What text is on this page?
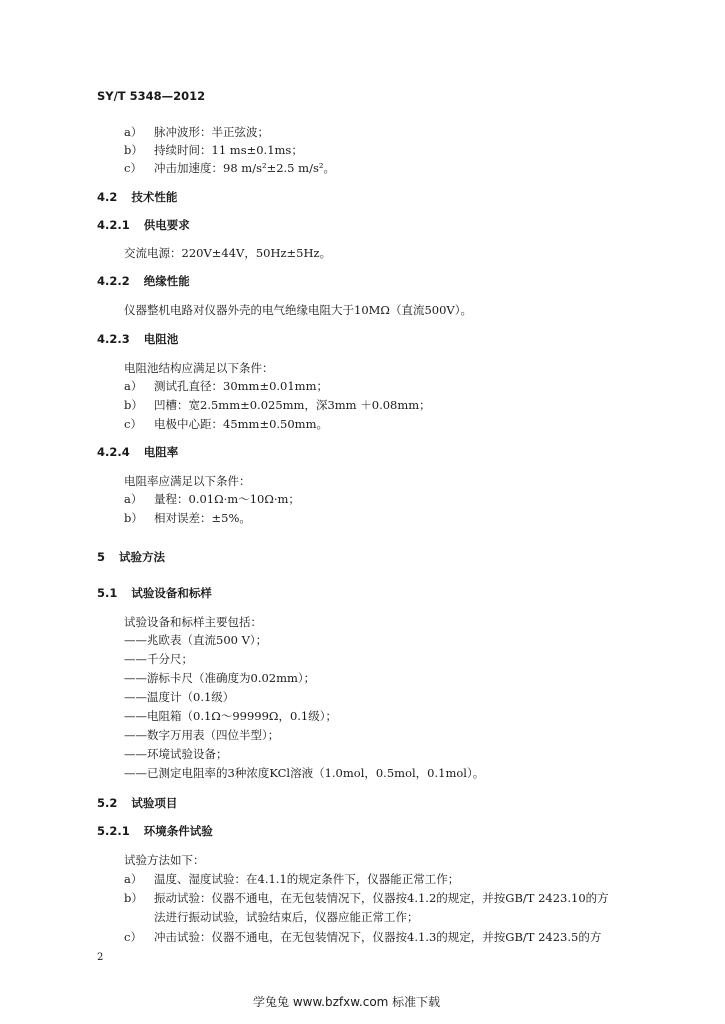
SY/T 5348—2012
a） 脉冲波形：半正弦波；
b） 持续时间：11 ms±0.1ms；
c） 冲击加速度：98 m/s²±2.5 m/s²。
4.2 技术性能
4.2.1 供电要求
交流电源：220V±44V，50Hz±5Hz。
4.2.2 绝缘性能
仪器整机电路对仪器外壳的电气绝缘电阻大于10MΩ（直流500V）。
4.2.3 电阻池
电阻池结构应满足以下条件：
a） 测试孔直径：30mm±0.01mm；
b） 凹槽：宽2.5mm±0.025mm，深3mm ＋0.08mm；
c） 电极中心距：45mm±0.50mm。
4.2.4 电阻率
电阻率应满足以下条件：
a） 量程：0.01Ω·m～10Ω·m；
b） 相对误差：±5%。
5 试验方法
5.1 试验设备和标样
试验设备和标样主要包括：
——兆欧表（直流500 V）；
——千分尺；
——游标卡尺（准确度为0.02mm）；
——温度计（0.1级）
——电阻箱（0.1Ω～99999Ω，0.1级）；
——数字万用表（四位半型）；
——环境试验设备；
——已测定电阻率的3种浓度KCl溶液（1.0mol，0.5mol，0.1mol）。
5.2 试验项目
5.2.1 环境条件试验
试验方法如下：
a） 温度、湿度试验：在4.1.1的规定条件下，仪器能正常工作；
b） 振动试验：仪器不通电，在无包装情况下，仪器按4.1.2的规定，并按GB/T 2423.10的方
法进行振动试验，试验结束后，仪器应能正常工作；
c） 冲击试验：仪器不通电，在无包装情况下，仪器按4.1.3的规定，并按GB/T 2423.5的方
2
学兔兔 www.bzfxw.com 标准下载
